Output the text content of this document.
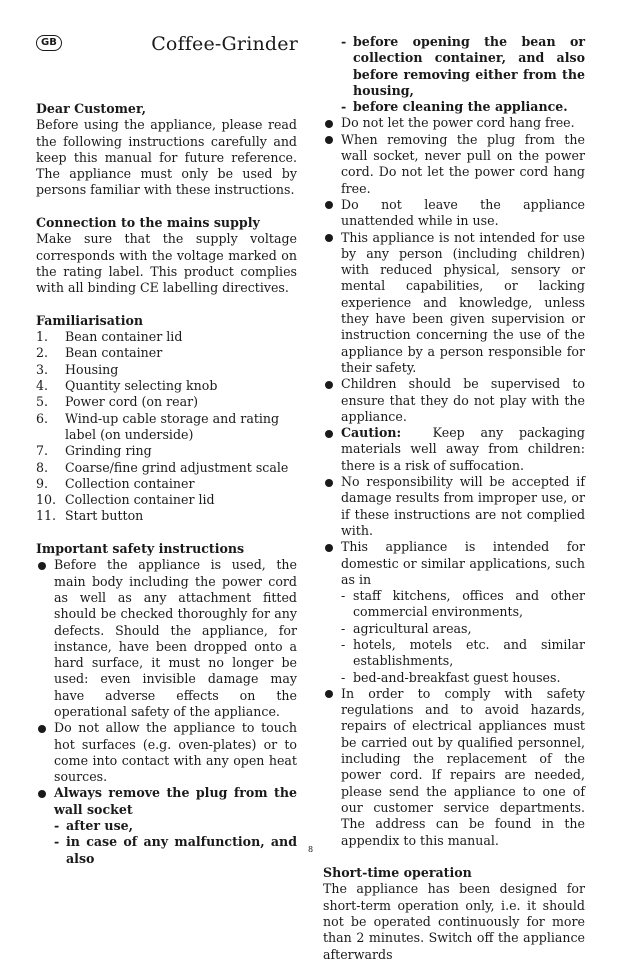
GB	Coffee-Grinder
Dear Customer,

Before using the appliance, please read the following instructions carefully and keep this manual for future reference. The appliance must only be used by persons familiar with these instructions.

Connection to the mains supply

Make sure that the supply voltage corresponds with the voltage marked on the rating label. This product complies with all binding CE labelling directives.

Familiarisation
1.	Bean container lid
2.	Bean container
3.	Housing
4.	Quantity selecting knob
5.	Power cord (on rear)
6.	Wind-up cable storage and rating label (on underside)
7.	Grinding ring
8.	Coarse/fine grind adjustment scale
9.	Collection container
10. Collection container lid
11. Start button
Important safety instructions
Before the appliance is used, the main body including the power cord as well as any attachment fitted should be checked thoroughly for any defects. Should the appliance, for instance, have been dropped onto a hard surface, it must no longer be used: even invisible damage may have adverse effects on the operational safety of the appliance.
Do not allow the appliance to touch hot surfaces (e.g. oven-plates) or to come into contact with any open heat sources.
Always remove the plug from the wall socket
- after use,
- in case of any malfunction, and also
- before opening the bean or collection container, and also before removing either from the housing,
- before cleaning the appliance.
Do not let the power cord hang free.
When removing the plug from the wall socket, never pull on the power cord. Do not let the power cord hang free.
Do not leave the appliance unattended while in use.
This appliance is not intended for use by any person (including children) with reduced physical, sensory or mental capabilities, or lacking experience and knowledge, unless they have been given supervision or instruction concerning the use of the appliance by a person responsible for their safety.
Children should be supervised to ensure that they do not play with the appliance.
Caution:	Keep any packaging materials well away from children: there is a risk of suffocation.
No responsibility will be accepted if damage results from improper use, or if these instructions are not complied with.
This appliance is intended for domestic or similar applications, such as in
- staff kitchens, offices and other commercial environments,
- agricultural areas,
- hotels, motels etc. and similar establishments,
- bed-and-breakfast guest houses.
In order to comply with safety regulations and to avoid hazards, repairs of electrical appliances must be carried out by qualified personnel, including the replacement of the power cord. If repairs are needed, please send the appliance to one of our customer service departments. The address can be found in the appendix to this manual.
Short-time operation

The appliance has been designed for short-term operation only, i.e. it should not be operated continuously for more than 2 minutes. Switch off the appliance afterwards

8
